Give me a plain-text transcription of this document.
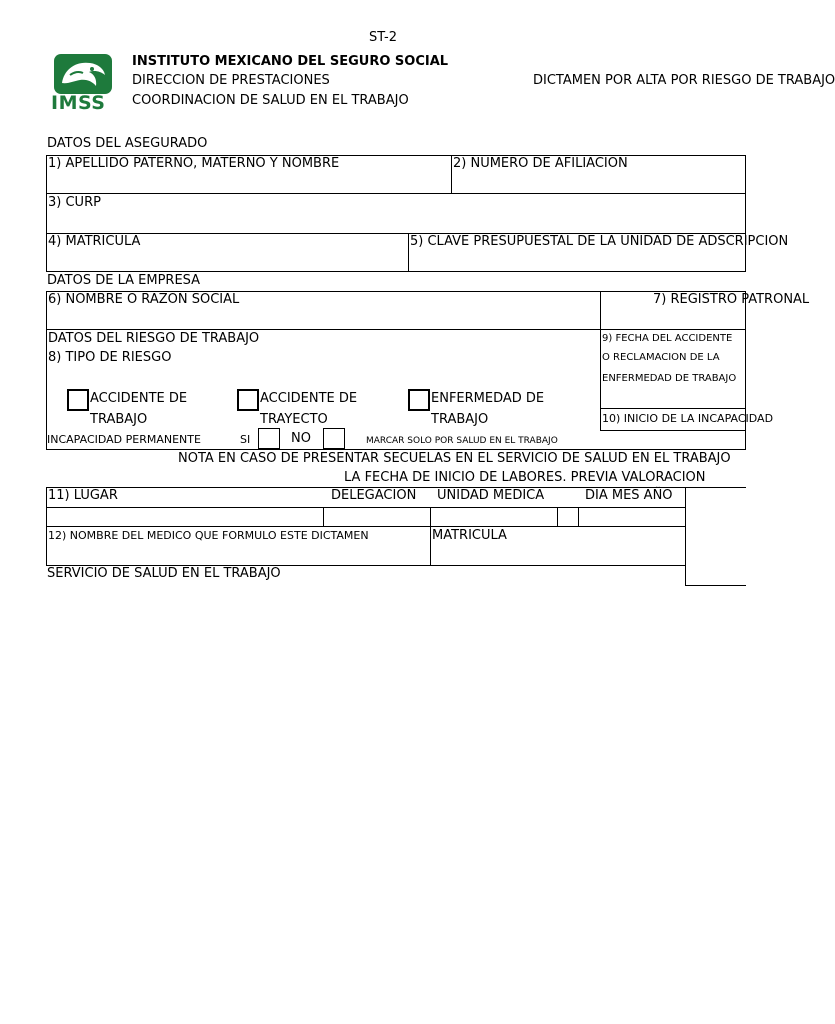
ST-2
IMSS
INSTITUTO MEXICANO DEL SEGURO SOCIAL
DIRECCION DE PRESTACIONES
COORDINACION DE SALUD EN EL TRABAJO
DICTAMEN POR ALTA POR RIESGO DE TRABAJO
DATOS DEL ASEGURADO
1) APELLIDO PATERNO, MATERNO Y NOMBRE	2) NUMERO DE AFILIACION
3) CURP
4) MATRICULA	5) CLAVE PRESUPUESTAL DE LA UNIDAD DE ADSCRIPCION
DATOS DE LA EMPRESA
6) NOMBRE O RAZON SOCIAL	7) REGISTRO PATRONAL
DATOS DEL RIESGO DE TRABAJO
8) TIPO DE RIESGO
9) FECHA DEL ACCIDENTE
O RECLAMACION DE LA
ENFERMEDAD DE TRABAJO
10) INICIO DE LA INCAPACIDAD
ACCIDENTE DE
TRABAJO
ACCIDENTE DE
TRAYECTO
ENFERMEDAD DE
TRABAJO
INCAPACIDAD PERMANENTE	SI	NO	MARCAR SOLO POR SALUD EN EL TRABAJO
NOTA EN CASO DE PRESENTAR SECUELAS EN EL SERVICIO DE SALUD EN EL TRABAJO
LA FECHA DE INICIO DE LABORES. PREVIA VALORACION
11) LUGAR	DELEGACION UNIDAD MEDICA	DIA MES AÑO
12) NOMBRE DEL MEDICO QUE FORMULO ESTE DICTAMEN	MATRICULA
SERVICIO DE SALUD EN EL TRABAJO
